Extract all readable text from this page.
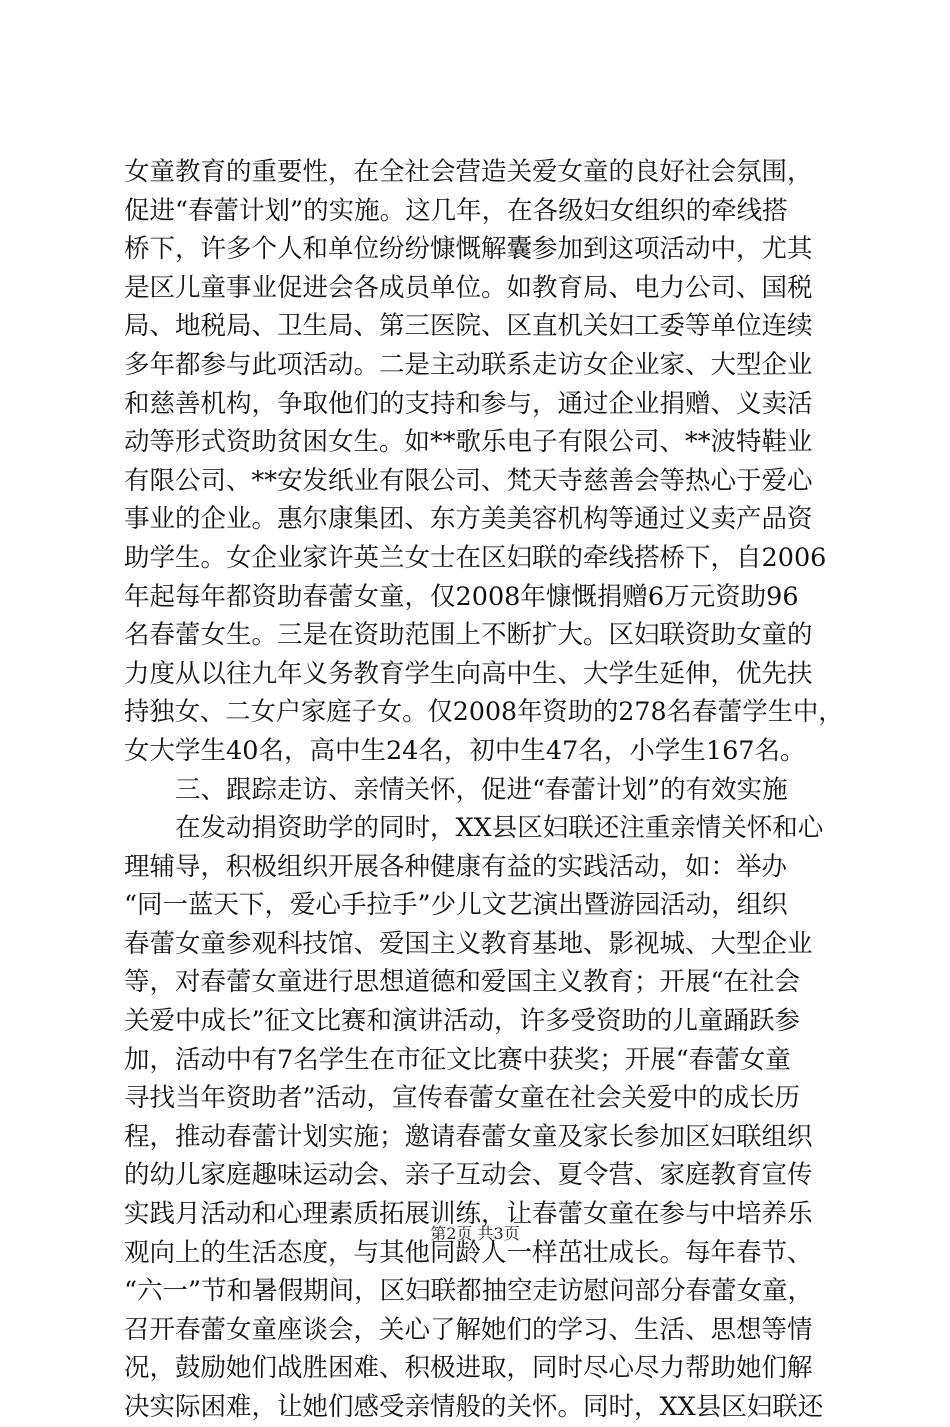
女童教育的重要性，在全社会营造关爱女童的良好社会氛围，
促进“春蕾计划”的实施。这几年，在各级妇女组织的牵线搭
桥下，许多个人和单位纷纷慷慨解囊参加到这项活动中，尤其
是区儿童事业促进会各成员单位。如教育局、电力公司、国税
局、地税局、卫生局、第三医院、区直机关妇工委等单位连续
多年都参与此项活动。二是主动联系走访女企业家、大型企业
和慈善机构，争取他们的支持和参与，通过企业捐赠、义卖活
动等形式资助贫困女生。如**歌乐电子有限公司、**波特鞋业
有限公司、**安发纸业有限公司、梵天寺慈善会等热心于爱心
事业的企业。惠尔康集团、东方美美容机构等通过义卖产品资
助学生。女企业家许英兰女士在区妇联的牵线搭桥下，自2006
年起每年都资助春蕾女童，仅2008年慷慨捐赠6万元资助96
名春蕾女生。三是在资助范围上不断扩大。区妇联资助女童的
力度从以往九年义务教育学生向高中生、大学生延伸，优先扶
持独女、二女户家庭子女。仅2008年资助的278名春蕾学生中，
女大学生40名，高中生24名，初中生47名，小学生167名。
　　三、跟踪走访、亲情关怀，促进“春蕾计划”的有效实施
　　在发动捐资助学的同时，XX县区妇联还注重亲情关怀和心
理辅导，积极组织开展各种健康有益的实践活动，如：举办
“同一蓝天下，爱心手拉手”少儿文艺演出暨游园活动，组织
春蕾女童参观科技馆、爱国主义教育基地、影视城、大型企业
等，对春蕾女童进行思想道德和爱国主义教育；开展“在社会
关爱中成长”征文比赛和演讲活动，许多受资助的儿童踊跃参
加，活动中有7名学生在市征文比赛中获奖；开展“春蕾女童
寻找当年资助者”活动，宣传春蕾女童在社会关爱中的成长历
程，推动春蕾计划实施；邀请春蕾女童及家长参加区妇联组织
的幼儿家庭趣味运动会、亲子互动会、夏令营、家庭教育宣传
实践月活动和心理素质拓展训练，让春蕾女童在参与中培养乐
观向上的生活态度，与其他同龄人一样茁壮成长。每年春节、
“六一”节和暑假期间，区妇联都抽空走访慰问部分春蕾女童，
召开春蕾女童座谈会，关心了解她们的学习、生活、思想等情
况，鼓励她们战胜困难、积极进取，同时尽心尽力帮助她们解
决实际困难，让她们感受亲情般的关怀。同时，XX县区妇联还
第2页 共3页
